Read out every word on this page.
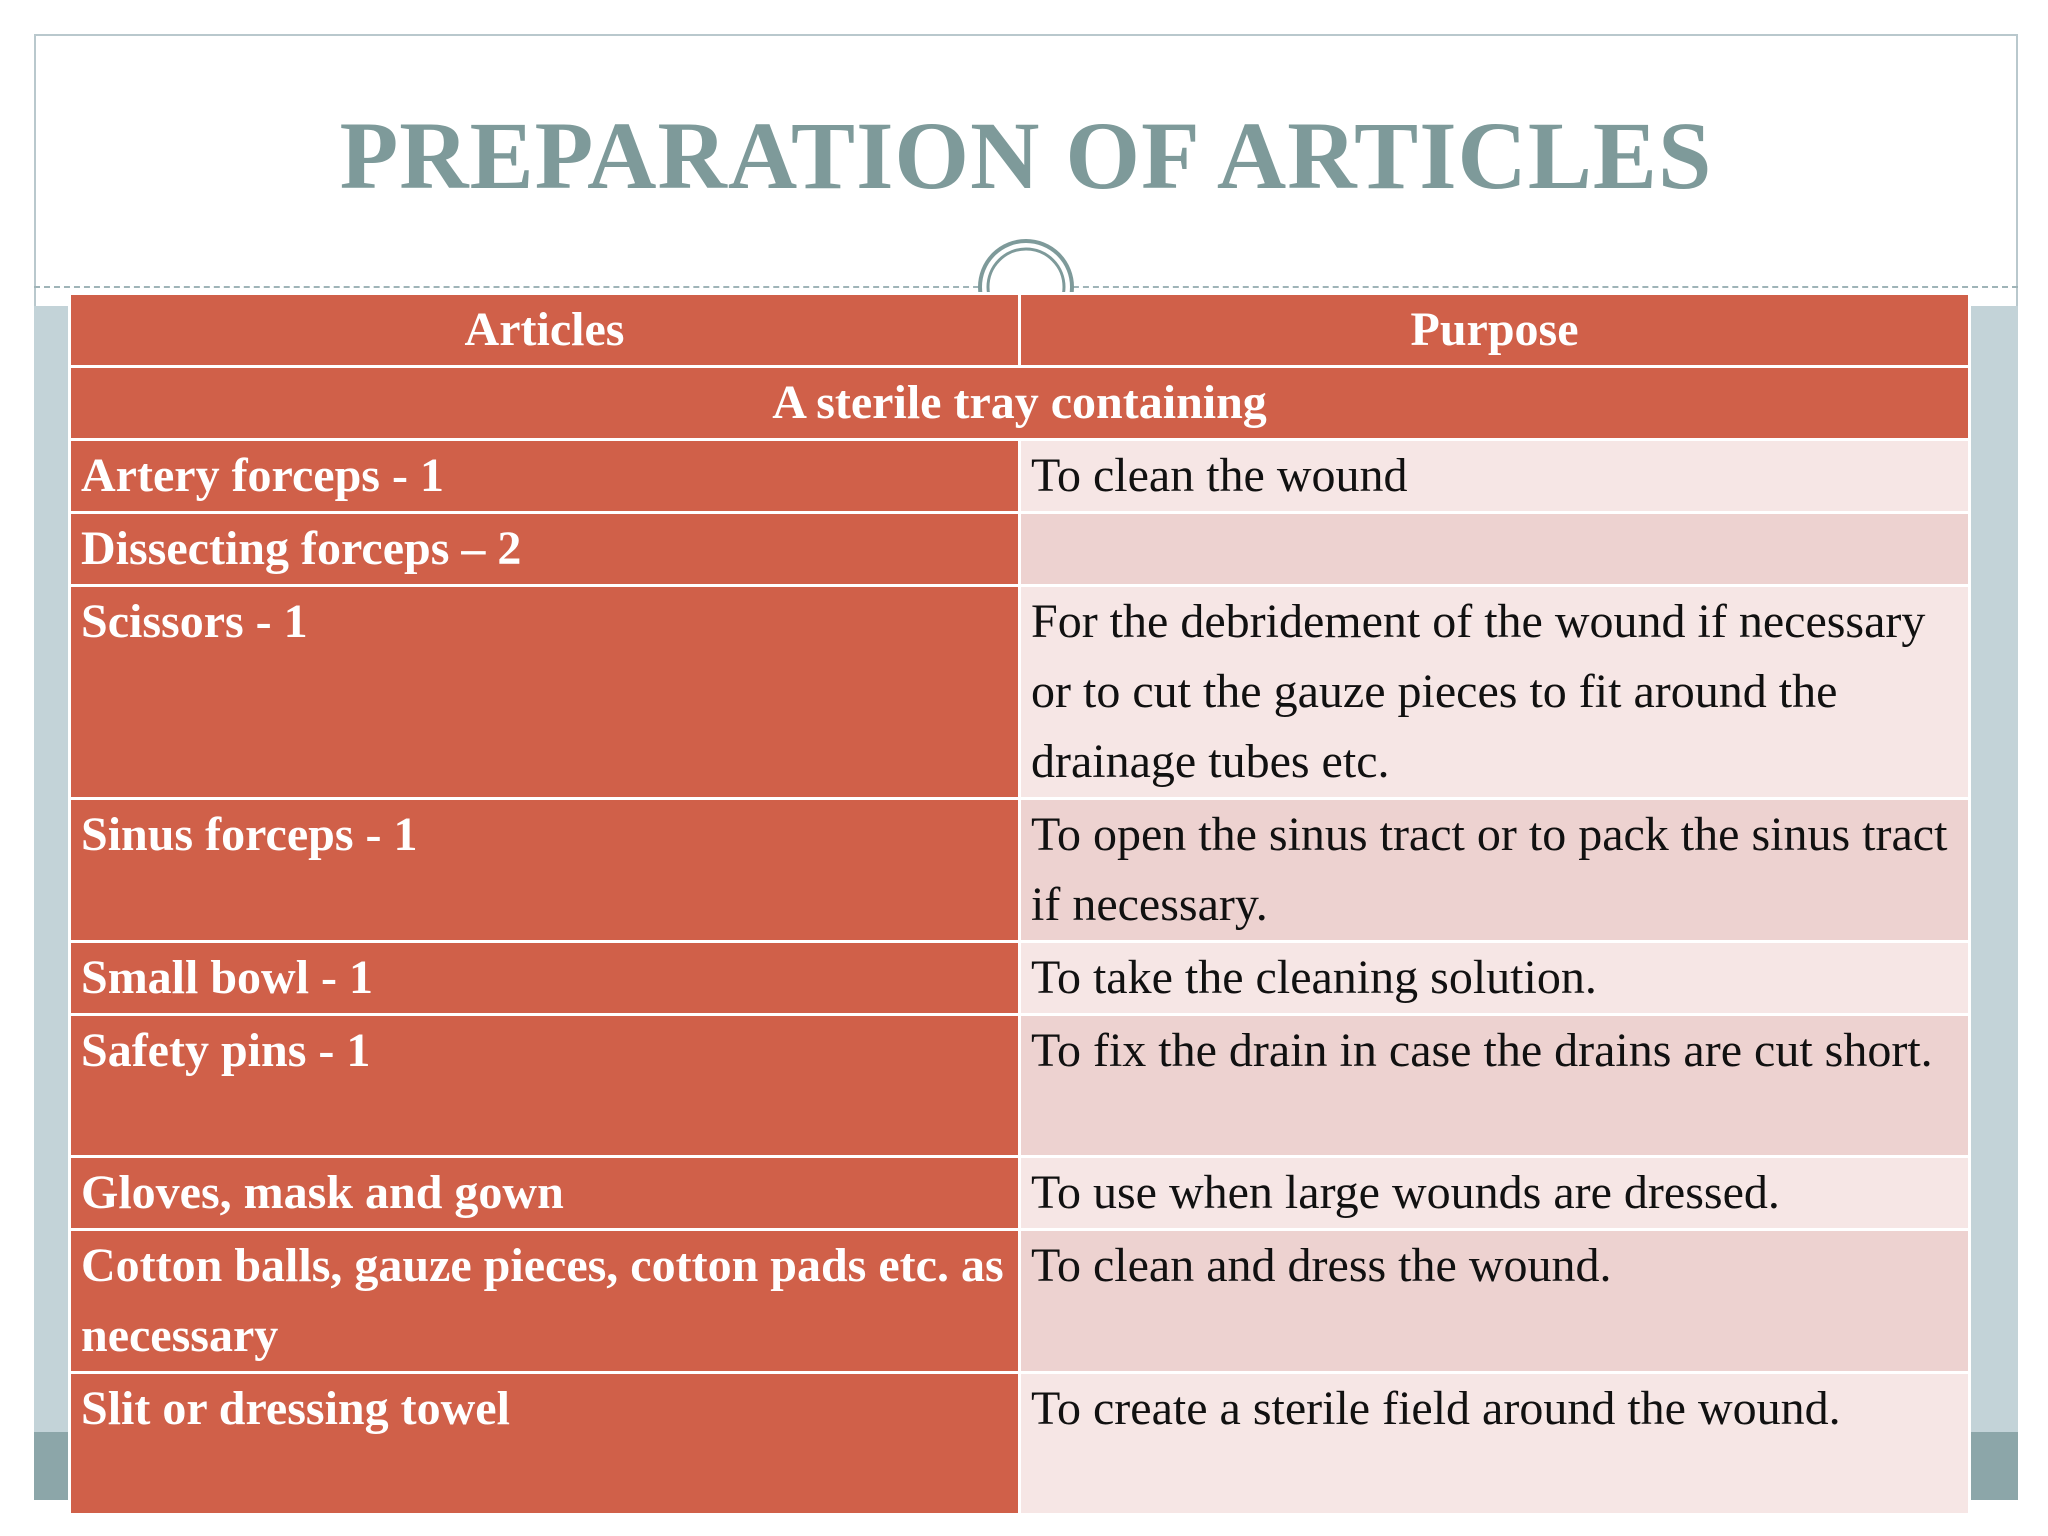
PREPARATION OF ARTICLES
Articles	Purpose
A sterile tray containing	
Artery forceps - 1	To clean the wound
Dissecting forceps – 2	
Scissors - 1	For the debridement of the wound if necessary or to cut the gauze pieces to fit around the drainage tubes etc.
Sinus forceps - 1	To open the sinus tract or to pack the sinus tract if necessary.
Small bowl - 1	To take the cleaning solution.
Safety pins - 1	To fix the drain in case the drains are cut short.
Gloves, mask and gown	To use when large wounds are dressed.
Cotton balls, gauze pieces, cotton pads etc. as necessary	To clean and dress the wound.
Slit or dressing towel	To create a sterile field around the wound.
